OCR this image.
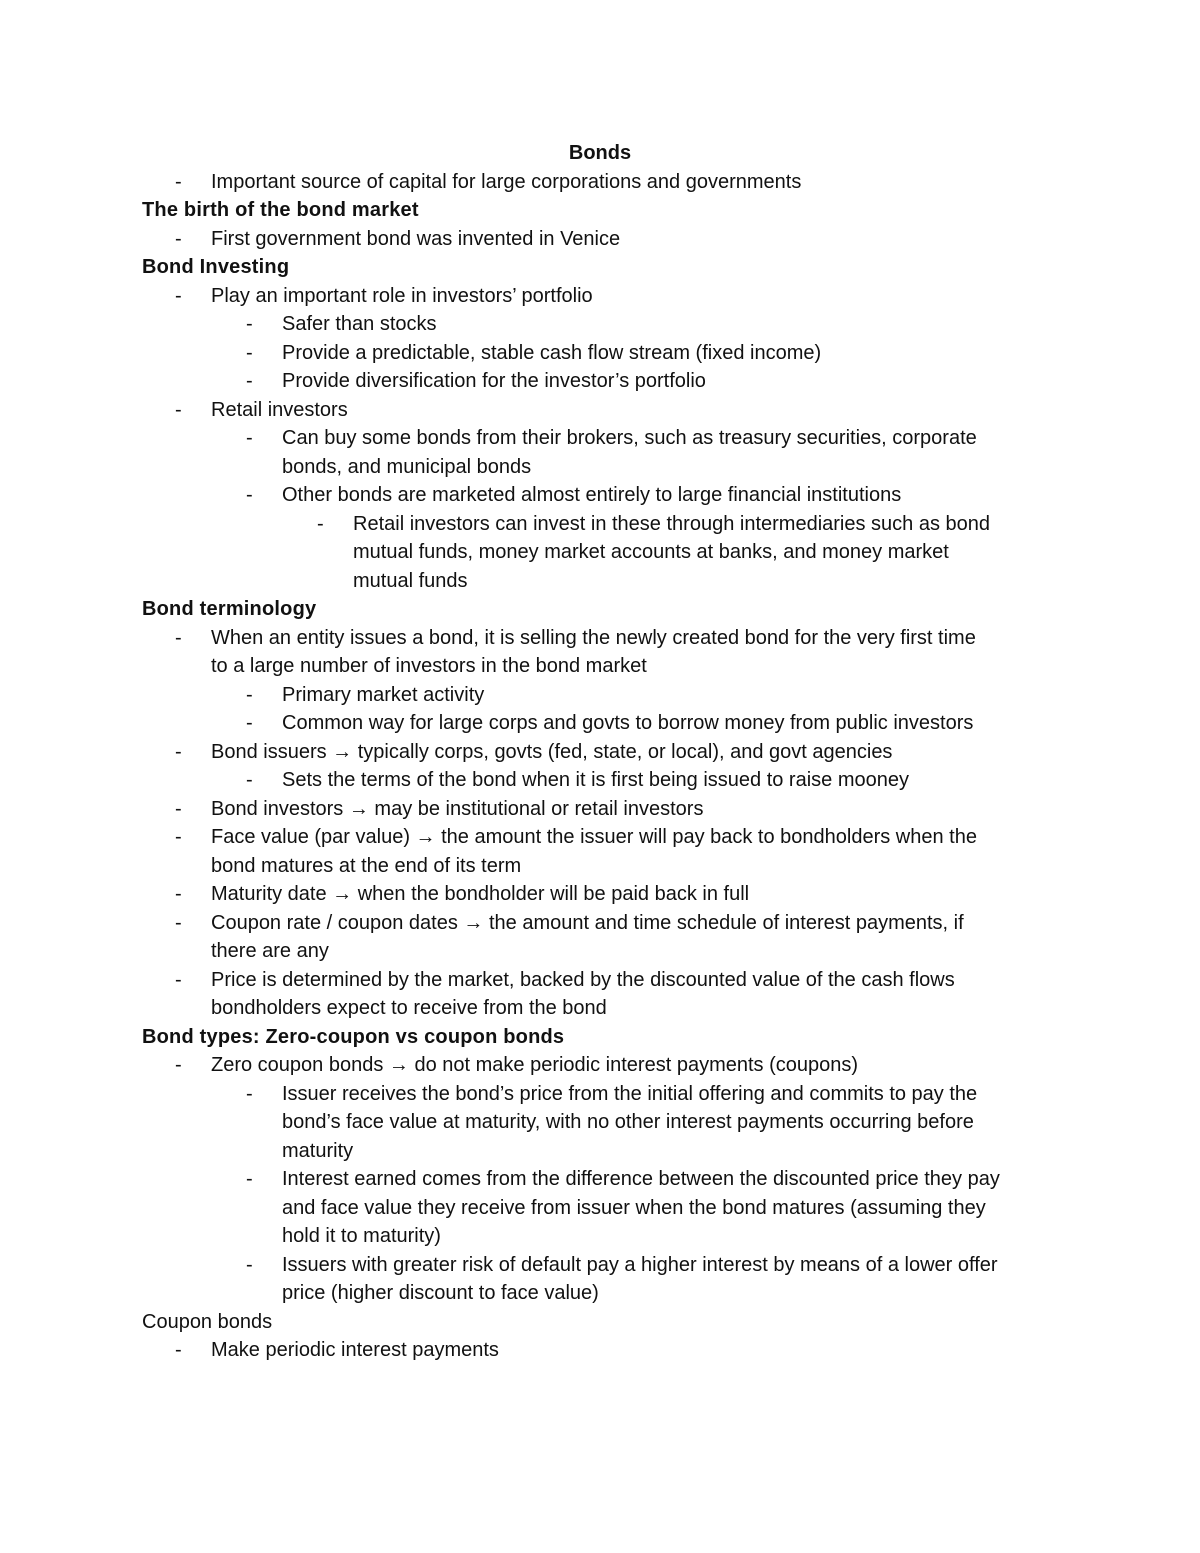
Bonds
- Important source of capital for large corporations and governments
The birth of the bond market
- First government bond was invented in Venice
Bond Investing
- Play an important role in investors’ portfolio
- Safer than stocks
- Provide a predictable, stable cash flow stream (fixed income)
- Provide diversification for the investor’s portfolio
- Retail investors
- Can buy some bonds from their brokers, such as treasury securities, corporate
bonds, and municipal bonds
- Other bonds are marketed almost entirely to large financial institutions
- Retail investors can invest in these through intermediaries such as bond
mutual funds, money market accounts at banks, and money market
mutual funds
Bond terminology
- When an entity issues a bond, it is selling the newly created bond for the very first time
to a large number of investors in the bond market
- Primary market activity
- Common way for large corps and govts to borrow money from public investors
- Bond issuers → typically corps, govts (fed, state, or local), and govt agencies
- Sets the terms of the bond when it is first being issued to raise mooney
- Bond investors → may be institutional or retail investors
- Face value (par value) → the amount the issuer will pay back to bondholders when the
bond matures at the end of its term
- Maturity date → when the bondholder will be paid back in full
- Coupon rate / coupon dates → the amount and time schedule of interest payments, if
there are any
- Price is determined by the market, backed by the discounted value of the cash flows
bondholders expect to receive from the bond
Bond types: Zero-coupon vs coupon bonds
- Zero coupon bonds → do not make periodic interest payments (coupons)
- Issuer receives the bond’s price from the initial offering and commits to pay the
bond’s face value at maturity, with no other interest payments occurring before
maturity
- Interest earned comes from the difference between the discounted price they pay
and face value they receive from issuer when the bond matures (assuming they
hold it to maturity)
- Issuers with greater risk of default pay a higher interest by means of a lower offer
price (higher discount to face value)
Coupon bonds
- Make periodic interest payments
